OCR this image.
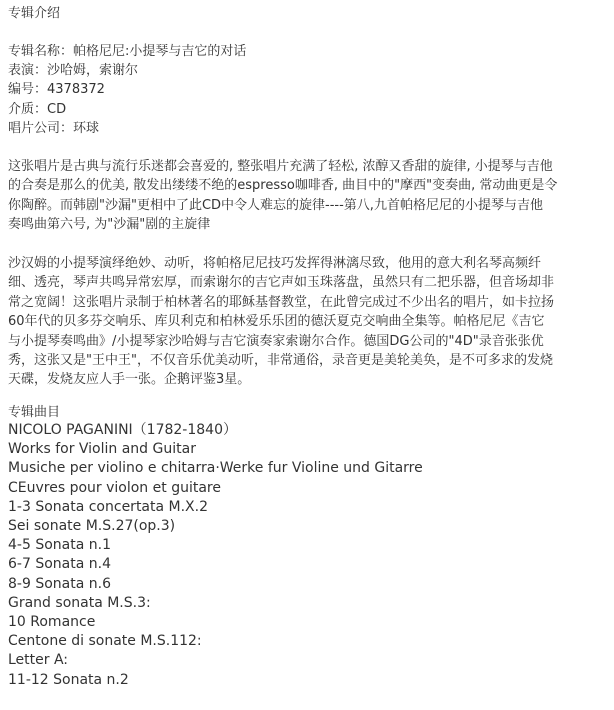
专辑介绍
专辑名称：帕格尼尼:小提琴与吉它的对话
表演：沙哈姆，索谢尔
编号：4378372
介质：CD
唱片公司：环球
这张唱片是古典与流行乐迷都会喜爱的, 整张唱片充满了轻松, 浓醇又香甜的旋律, 小提琴与吉他
的合奏是那么的优美, 散发出缕缕不绝的espresso咖啡香, 曲目中的"摩西"变奏曲, 常动曲更是令
你陶醉。而韩剧"沙漏"更相中了此CD中令人难忘的旋律----第八,九首帕格尼尼的小提琴与吉他
奏鸣曲第六号, 为"沙漏"剧的主旋律
沙汉姆的小提琴演绎绝妙、动听，将帕格尼尼技巧发挥得淋漓尽致，他用的意大利名琴高频纤
细、透亮，琴声共鸣异常宏厚，而索谢尔的吉它声如玉珠落盘，虽然只有二把乐器，但音场却非
常之宽阔！这张唱片录制于柏林著名的耶稣基督教堂，在此曾完成过不少出名的唱片，如卡拉扬
60年代的贝多芬交响乐、库贝利克和柏林爱乐乐团的德沃夏克交响曲全集等。帕格尼尼《吉它
与小提琴奏鸣曲》/小提琴家沙哈姆与吉它演奏家索谢尔合作。德国DG公司的"4D"录音张张优
秀，这张又是"王中王"，不仅音乐优美动听，非常通俗，录音更是美轮美奂，是不可多求的发烧
天碟，发烧友应人手一张。企鹅评鉴3星。
专辑曲目
NICOLO PAGANINI（1782-1840）
Works for Violin and Guitar
Musiche per violino e chitarra·Werke fur Violine und Gitarre
CEuvres pour violon et guitare
1-3 Sonata concertata M.X.2
Sei sonate M.S.27(op.3)
4-5 Sonata n.1
6-7 Sonata n.4
8-9 Sonata n.6
Grand sonata M.S.3:
10 Romance
Centone di sonate M.S.112:
Letter A:
11-12 Sonata n.2
